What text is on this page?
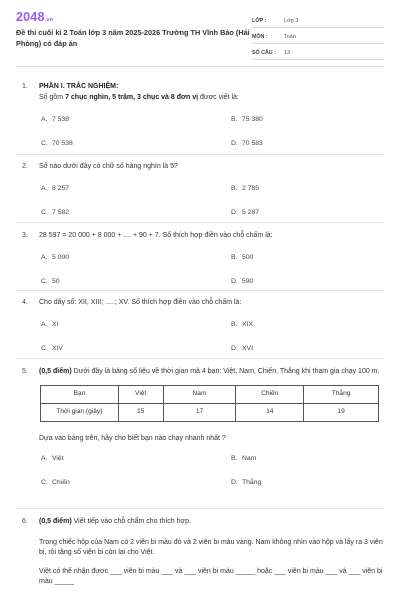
2048.vn
Đề thi cuối kì 2 Toán lớp 3 năm 2025-2026 Trường TH Vĩnh Bảo (Hải Phòng) có đáp án
LỚP :	Lớp 3
MÔN :	Toán
SỐ CÂU :	13
1. PHẦN I. TRẮC NGHIỆM:
Số gồm 7 chục nghìn, 5 trăm, 3 chục và 8 đơn vị được viết là:
A. 7 538	B. 75 380
C. 70 538	D. 70 583
2. Số nào dưới đây có chữ số hàng nghìn là 5?
A. 8 257	B. 2 785
C. 7 582	D. 5 287
3. 28 597 = 20 000 + 8 000 + .... + 90 + 7. Số thích hợp điền vào chỗ chấm là:
A. 5 000	B. 500
C. 50	D. 590
4. Cho dãy số: XII, XIII; .....; XV. Số thích hợp điền vào chỗ chấm là:
A. XI	B. XIX
C. XIV	D. XVI
5. (0,5 điểm) Dưới đây là bảng số liệu về thời gian mà 4 bạn: Việt, Nam, Chiến, Thắng khi tham gia chạy 100 m.
Bạn	Việt	Nam	Chiến	Thắng
Thời gian (giây)	15	17	14	19
Dựa vào bảng trên, hãy cho biết bạn nào chạy nhanh nhất ?
A. Việt	B. Nam
C. Chiến	D. Thắng
6. (0,5 điểm) Viết tiếp vào chỗ chấm cho thích hợp.
Trong chiếc hộp của Nam có 2 viên bi màu đỏ và 2 viên bi màu vàng. Nam không nhìn vào hộp và lấy ra 3 viên bi, rồi tặng số viên bi còn lại cho Việt.
Việt có thể nhận được ___ viên bi màu ___ và ___ viên bi màu _____ hoặc ___ viên bi màu ___ và ___ viên bi màu _____
